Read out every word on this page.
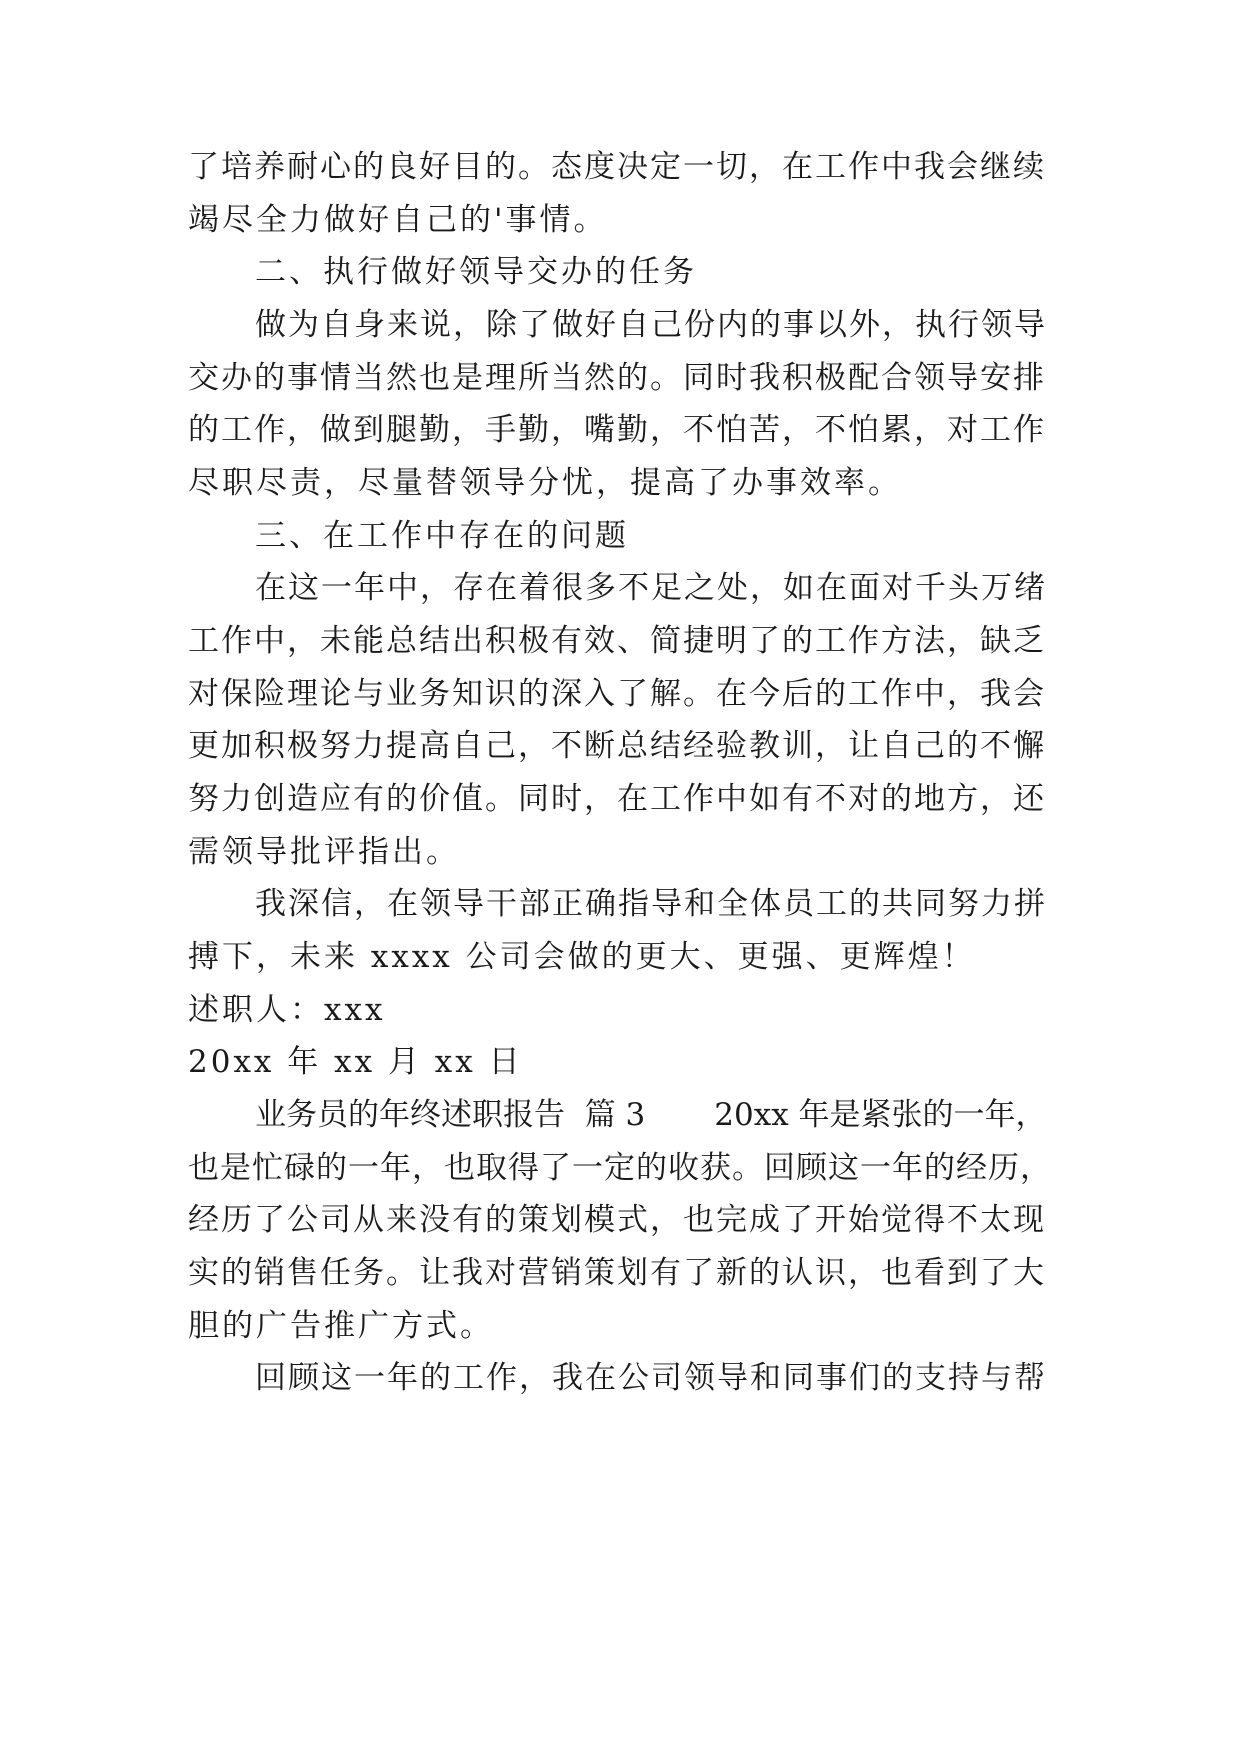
了培养耐心的良好目的。态度决定一切，在工作中我会继续
竭尽全力做好自己的'事情。
二、执行做好领导交办的任务
做为自身来说，除了做好自己份内的事以外，执行领导
交办的事情当然也是理所当然的。同时我积极配合领导安排
的工作，做到腿勤，手勤，嘴勤，不怕苦，不怕累，对工作
尽职尽责，尽量替领导分忧，提高了办事效率。
三、在工作中存在的问题
在这一年中，存在着很多不足之处，如在面对千头万绪
工作中，未能总结出积极有效、简捷明了的工作方法，缺乏
对保险理论与业务知识的深入了解。在今后的工作中，我会
更加积极努力提高自己，不断总结经验教训，让自己的不懈
努力创造应有的价值。同时，在工作中如有不对的地方，还
需领导批评指出。
我深信，在领导干部正确指导和全体员工的共同努力拼
搏下，未来 xxxx 公司会做的更大、更强、更辉煌！
述职人：xxx
20xx 年 xx 月 xx 日
业务员的年终述职报告  篇 3       20xx 年是紧张的一年，
也是忙碌的一年，也取得了一定的收获。回顾这一年的经历，
经历了公司从来没有的策划模式，也完成了开始觉得不太现
实的销售任务。让我对营销策划有了新的认识，也看到了大
胆的广告推广方式。
回顾这一年的工作，我在公司领导和同事们的支持与帮
